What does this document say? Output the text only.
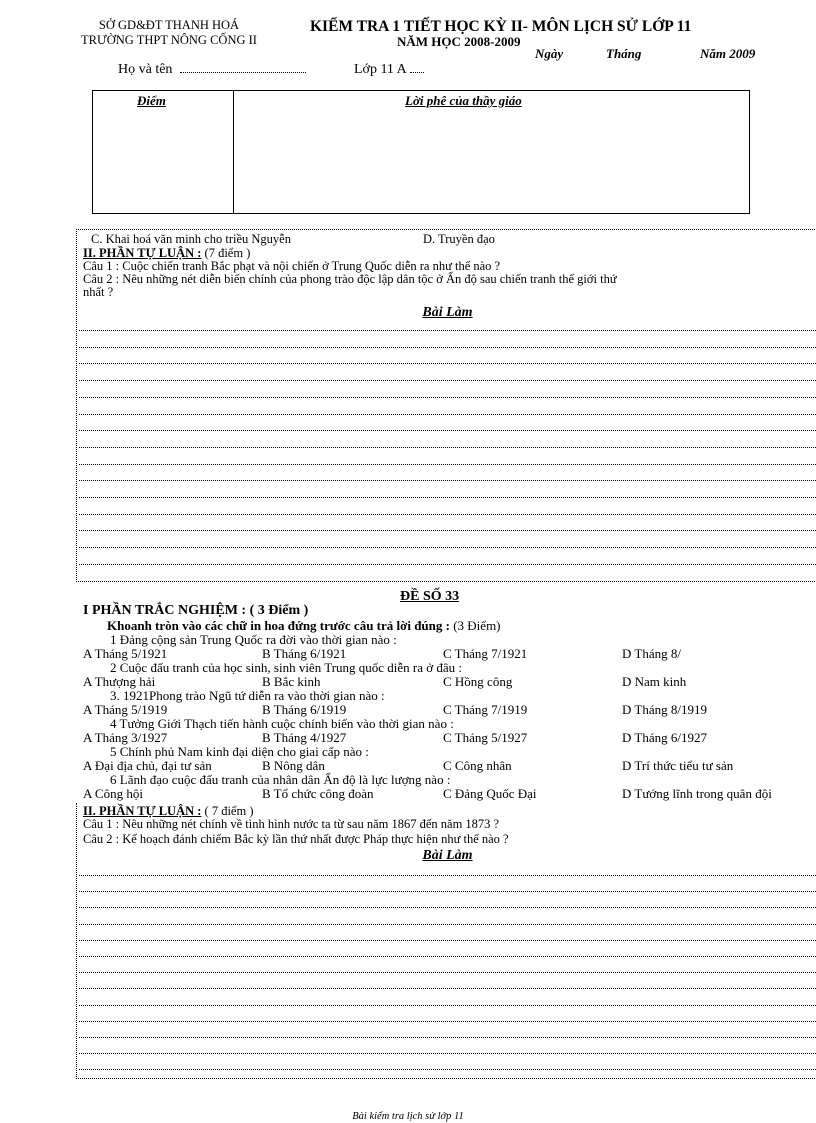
SỞ GD&ĐT THANH HOÁ
TRƯỜNG THPT NÔNG CỐNG II
KIỂM TRA 1 TIẾT HỌC KỲ II- MÔN LỊCH SỬ LỚP 11
NĂM HỌC 2008-2009
Ngày	Tháng	Năm 2009
Họ và tên	Lớp 11 A
Điểm	Lời phê của thầy giáo
C. Khai hoá văn minh cho triều Nguyễn	D. Truyền đạo
II. PHẦN TỰ LUẬN : (7 điểm )
Câu 1 : Cuộc chiến tranh Bắc phạt và nội chiến ở Trung Quốc diễn ra như thế nào ?
Câu 2 : Nêu những nét diễn biến chính của phong trào độc lập dân tộc ở Ấn độ sau chiến tranh thế giới thứ
nhất ?
Bài Làm
ĐỀ SỐ 33
I PHẦN TRẮC NGHIỆM : ( 3 Điểm )
Khoanh tròn vào các chữ in hoa đứng trước câu trả lời đúng : (3 Điểm)
1 Đảng cộng sản Trung Quốc ra đời vào thời gian nào :
A Tháng 5/1921	B Tháng 6/1921	C Tháng 7/1921	D Tháng 8/
2 Cuộc đấu tranh của học sinh, sinh viên Trung quốc diễn ra ở đâu :
A Thượng hải	B Bắc kinh	C Hồng công	D Nam kinh
3. 1921Phong trào Ngũ tứ diễn ra vào thời gian nào :
A Tháng 5/1919	B Tháng 6/1919	C Tháng 7/1919	D Tháng 8/1919
4 Tưởng Giới Thạch tiến hành cuộc chính biến vào thời gian nào :
A Tháng 3/1927	B Tháng 4/1927	C Tháng 5/1927	D Tháng 6/1927
5 Chính phủ Nam kinh đại diện cho giai cấp nào :
A Đại địa chủ, đại tư sản	B Nông dân	C Công nhân	D Trí thức tiểu tư sản
6 Lãnh đạo cuộc đấu tranh của nhân dân Ấn độ là lực lượng nào :
A Công hội	B Tổ chức công đoàn	C Đảng Quốc Đại	D Tướng lĩnh trong quân đội
II. PHẦN TỰ LUẬN : ( 7 điểm )
Câu 1 : Nêu những nét chính về tình hình nước ta từ sau năm 1867 đến năm 1873 ?
Câu 2 : Kế hoạch đánh chiếm Bắc kỳ lần thứ nhất được Pháp thực hiện như thế nào ?
Bài Làm
Bài kiểm tra lịch sử lớp 11
